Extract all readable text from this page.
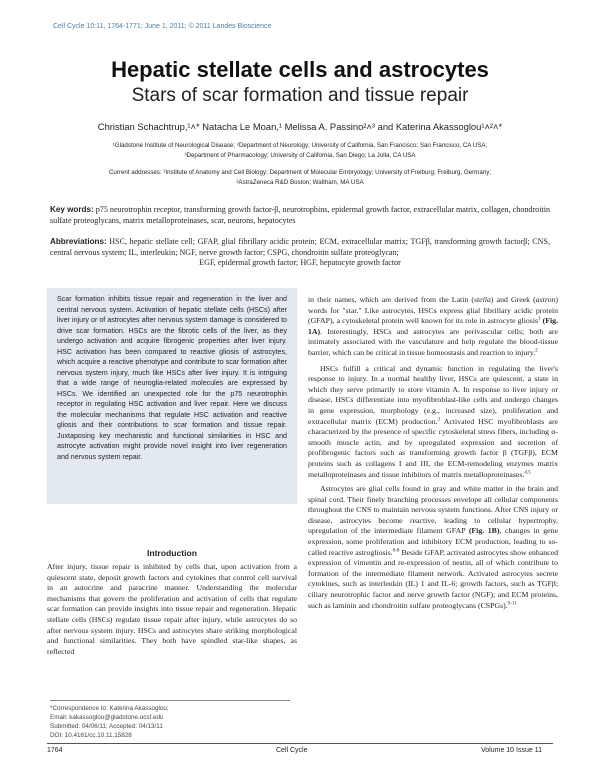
Cell Cycle 10:11, 1764-1771; June 1, 2011; © 2011 Landes Bioscience
Hepatic stellate cells and astrocytes
Stars of scar formation and tissue repair
Christian Schachtrup,¹˄* Natacha Le Moan,¹ Melissa A. Passino²˄³ and Katerina Akassoglou¹˄²˄*
¹Gladstone Institute of Neurological Disease; ²Department of Neurology; University of California, San Francisco; San Francisco, CA USA;
³Department of Pharmacology; University of California, San Diego; La Jolla, CA USA
Current addresses: ¹Institute of Anatomy and Cell Biology; Department of Molecular Embryology; University of Freiburg; Freiburg, Germany;
²AstraZeneca R&D Boston; Waltham, MA USA
Key words: p75 neurotrophin receptor, transforming growth factor-β, neurotrophins, epidermal growth factor, extracellular matrix, collagen, chondroitin sulfate proteoglycans, matrix metalloproteinases, scar, neurons, hepatocytes
Abbreviations: HSC, hepatic stellate cell; GFAP, glial fibrillary acidic protein; ECM, extracellular matrix; TGFβ, transforming growth factorβ; CNS, central nervous system; IL, interleukin; NGF, nerve growth factor; CSPG, chondroitin sulfate proteoglycan;
EGF, epidermal growth factor; HGF, hepatocyte growth factor
Scar formation inhibits tissue repair and regeneration in the liver and central nervous system. Activation of hepatic stellate cells (HSCs) after liver injury or of astrocytes after nervous system damage is considered to drive scar formation. HSCs are the fibrotic cells of the liver, as they undergo activation and acquire fibrogenic properties after liver injury. HSC activation has been compared to reactive gliosis of astrocytes, which acquire a reactive phenotype and contribute to scar formation after nervous system injury, much like HSCs after liver injury. It is intriguing that a wide range of neuroglia-related molecules are expressed by HSCs. We identified an unexpected role for the p75 neurotrophin receptor in regulating HSC activation and liver repair. Here we discuss the molecular mechanisms that regulate HSC activation and reactive gliosis and their contributions to scar formation and tissue repair. Juxtaposing key mechanistic and functional similarities in HSC and astrocyte activation might provide novel insight into liver regeneration and nervous system repair.
Introduction

After injury, tissue repair is inhibited by cells that, upon activation from a quiescent state, deposit growth factors and cytokines that control cell survival in an autocrine and paracrine manner. Understanding the molecular mechanisms that govern the proliferation and activation of cells that regulate scar formation can provide insights into tissue repair and regeneration. Hepatic stellate cells (HSCs) regulate tissue repair after injury, while astrocytes do so after nervous system injury. HSCs and astrocytes share striking morphological and functional similarities. They both have spindled star-like shapes, as reflected

in their names, which are derived from the Latin (stella) and Greek (astron) words for "star." Like astrocytes, HSCs express glial fibrillary acidic protein (GFAP), a cytoskeletal protein well known for its role in astrocyte gliosis$^1$ (Fig. 1A). Interestingly, HSCs and astrocytes are perivascular cells; both are intimately associated with the vasculature and help regulate the blood-tissue barrier, which can be critical in tissue homeostasis and reaction to injury.$^2$

HSCs fulfill a critical and dynamic function in regulating the liver's response to injury. In a normal healthy liver, HSCs are quiescent, a state in which they serve primarily to store vitamin A. In response to liver injury or disease, HSCs differentiate into myofibroblast-like cells and undergo changes in gene expression, morphology (e.g., increased size), proliferation and extracellular matrix (ECM) production.$^3$ Activated HSC myofibroblasts are characterized by the presence of specific cytoskeletal stress fibers, including α-smooth muscle actin, and by upregulated expression and secretion of profibrogenic factors such as transforming growth factor β (TGFβ), ECM proteins such as collagens I and III, the ECM-remodeling enzymes matrix metalloproteinases and tissue inhibitors of matrix metalloproteinases.$^{4,5}$

Astrocytes are glial cells found in gray and white matter in the brain and spinal cord. Their finely branching processes envelope all cellular components throughout the CNS to maintain nervous system functions. After CNS injury or disease, astrocytes become reactive, leading to cellular hypertrophy, upregulation of the intermediate filament GFAP (Fig. 1B), changes in gene expression, some proliferation and inhibitory ECM production, leading to so-called reactive astrogliosis.$^{6-8}$ Beside GFAP, activated astrocytes show enhanced expression of vimentin and re-expression of nestin, all of which contribute to formation of the intermediate filament network. Activated astrocytes secrete cytokines, such as interleukin (IL) 1 and IL-6; growth factors, such as TGFβ; ciliary neurotrophic factor and nerve growth factor (NGF); and ECM proteins, such as laminin and chondroitin sulfate proteoglycans (CSPGs).$^{9-11}$

*Correspondence to: Katerina Akassoglou;
Email: kakassoglou@gladstone.ucsf.edu
Submitted: 04/06/11; Accepted: 04/13/11
DOI: 10.4161/cc.10.11.15828
1764	Cell Cycle	Volume 10 Issue 11
